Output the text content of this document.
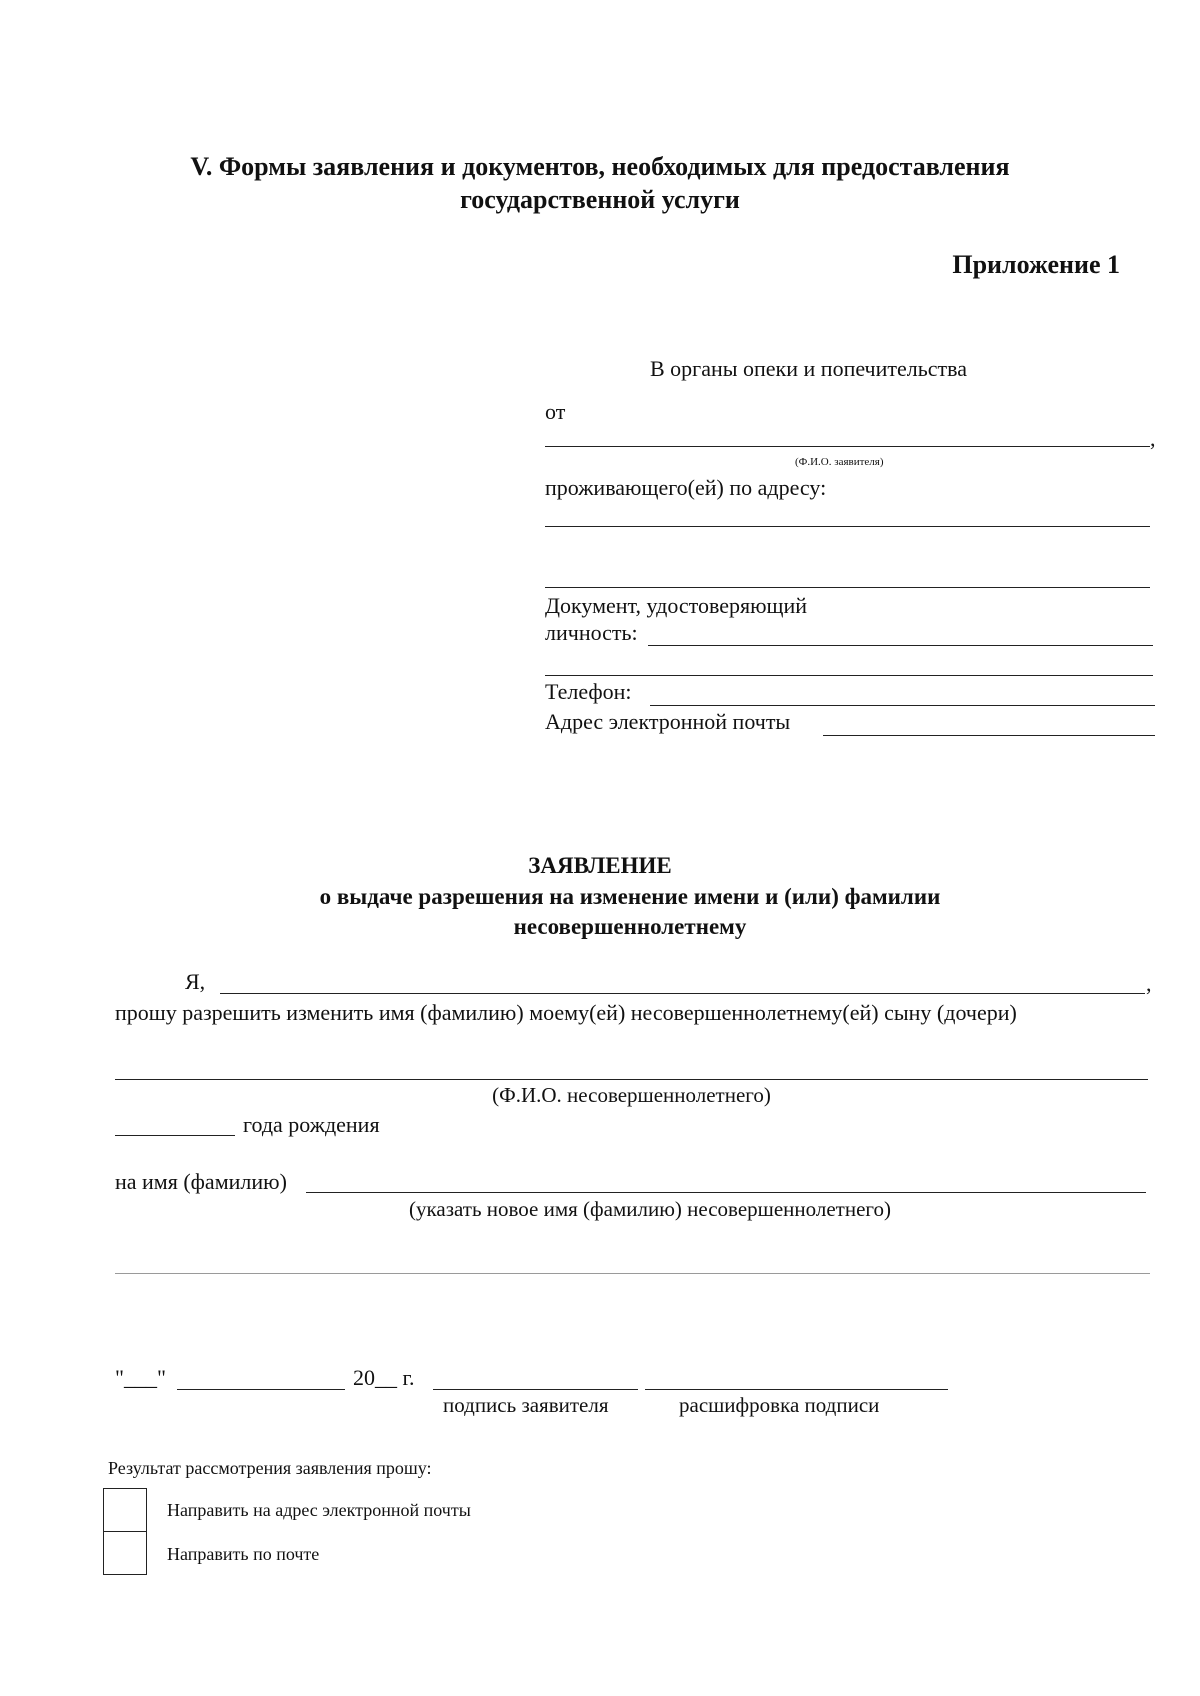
V. Формы заявления и документов, необходимых для предоставления
государственной услуги
Приложение 1
В органы опеки и попечительства
от
,
(Ф.И.О. заявителя)
проживающего(ей) по адресу:
Документ, удостоверяющий
личность:
Телефон:
Адрес электронной почты
ЗАЯВЛЕНИЕ
о выдаче разрешения на изменение имени и (или) фамилии
несовершеннолетнему
Я,	,
прошу разрешить изменить имя (фамилию) моему(ей) несовершеннолетнему(ей) сыну (дочери)
(Ф.И.О. несовершеннолетнего)
года рождения
на имя (фамилию)
(указать новое имя (фамилию) несовершеннолетнего)
"___"	20__ г.
подпись заявителя	расшифровка подписи
Результат рассмотрения заявления прошу:
Направить на адрес электронной почты
Направить по почте
